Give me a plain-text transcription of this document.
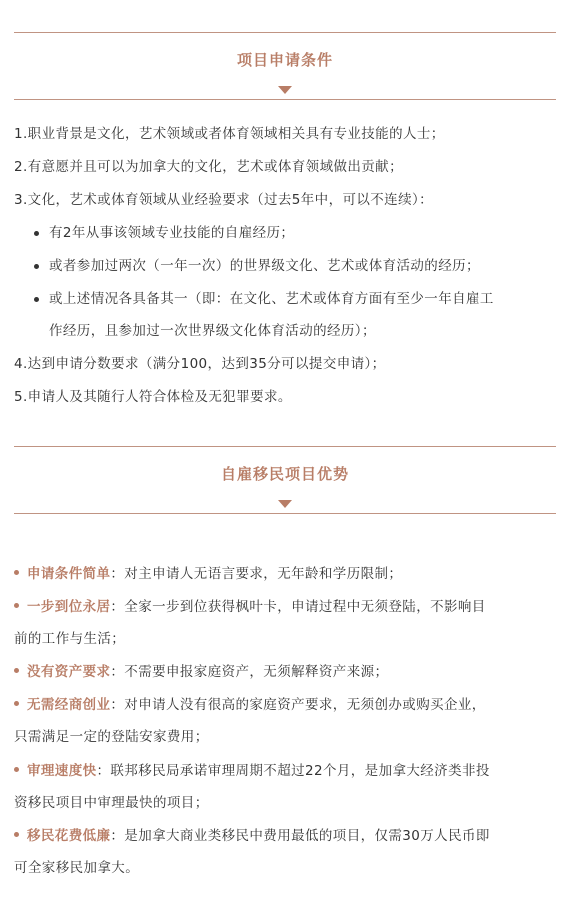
项目申请条件
1.职业背景是文化，艺术领域或者体育领域相关具有专业技能的人士；
2.有意愿并且可以为加拿大的文化，艺术或体育领域做出贡献；
3.文化，艺术或体育领域从业经验要求（过去5年中，可以不连续）：
有2年从事该领域专业技能的自雇经历；
或者参加过两次（一年一次）的世界级文化、艺术或体育活动的经历；
或上述情况各具备其一（即：在文化、艺术或体育方面有至少一年自雇工
作经历，且参加过一次世界级文化体育活动的经历）；
4.达到申请分数要求（满分100，达到35分可以提交申请）；
5.申请人及其随行人符合体检及无犯罪要求。
自雇移民项目优势
申请条件简单：对主申请人无语言要求，无年龄和学历限制；
一步到位永居：全家一步到位获得枫叶卡，申请过程中无须登陆，不影响目
前的工作与生活；
没有资产要求：不需要申报家庭资产，无须解释资产来源；
无需经商创业：对申请人没有很高的家庭资产要求，无须创办或购买企业，
只需满足一定的登陆安家费用；
审理速度快：联邦移民局承诺审理周期不超过22个月，是加拿大经济类非投
资移民项目中审理最快的项目；
移民花费低廉：是加拿大商业类移民中费用最低的项目，仅需30万人民币即
可全家移民加拿大。
